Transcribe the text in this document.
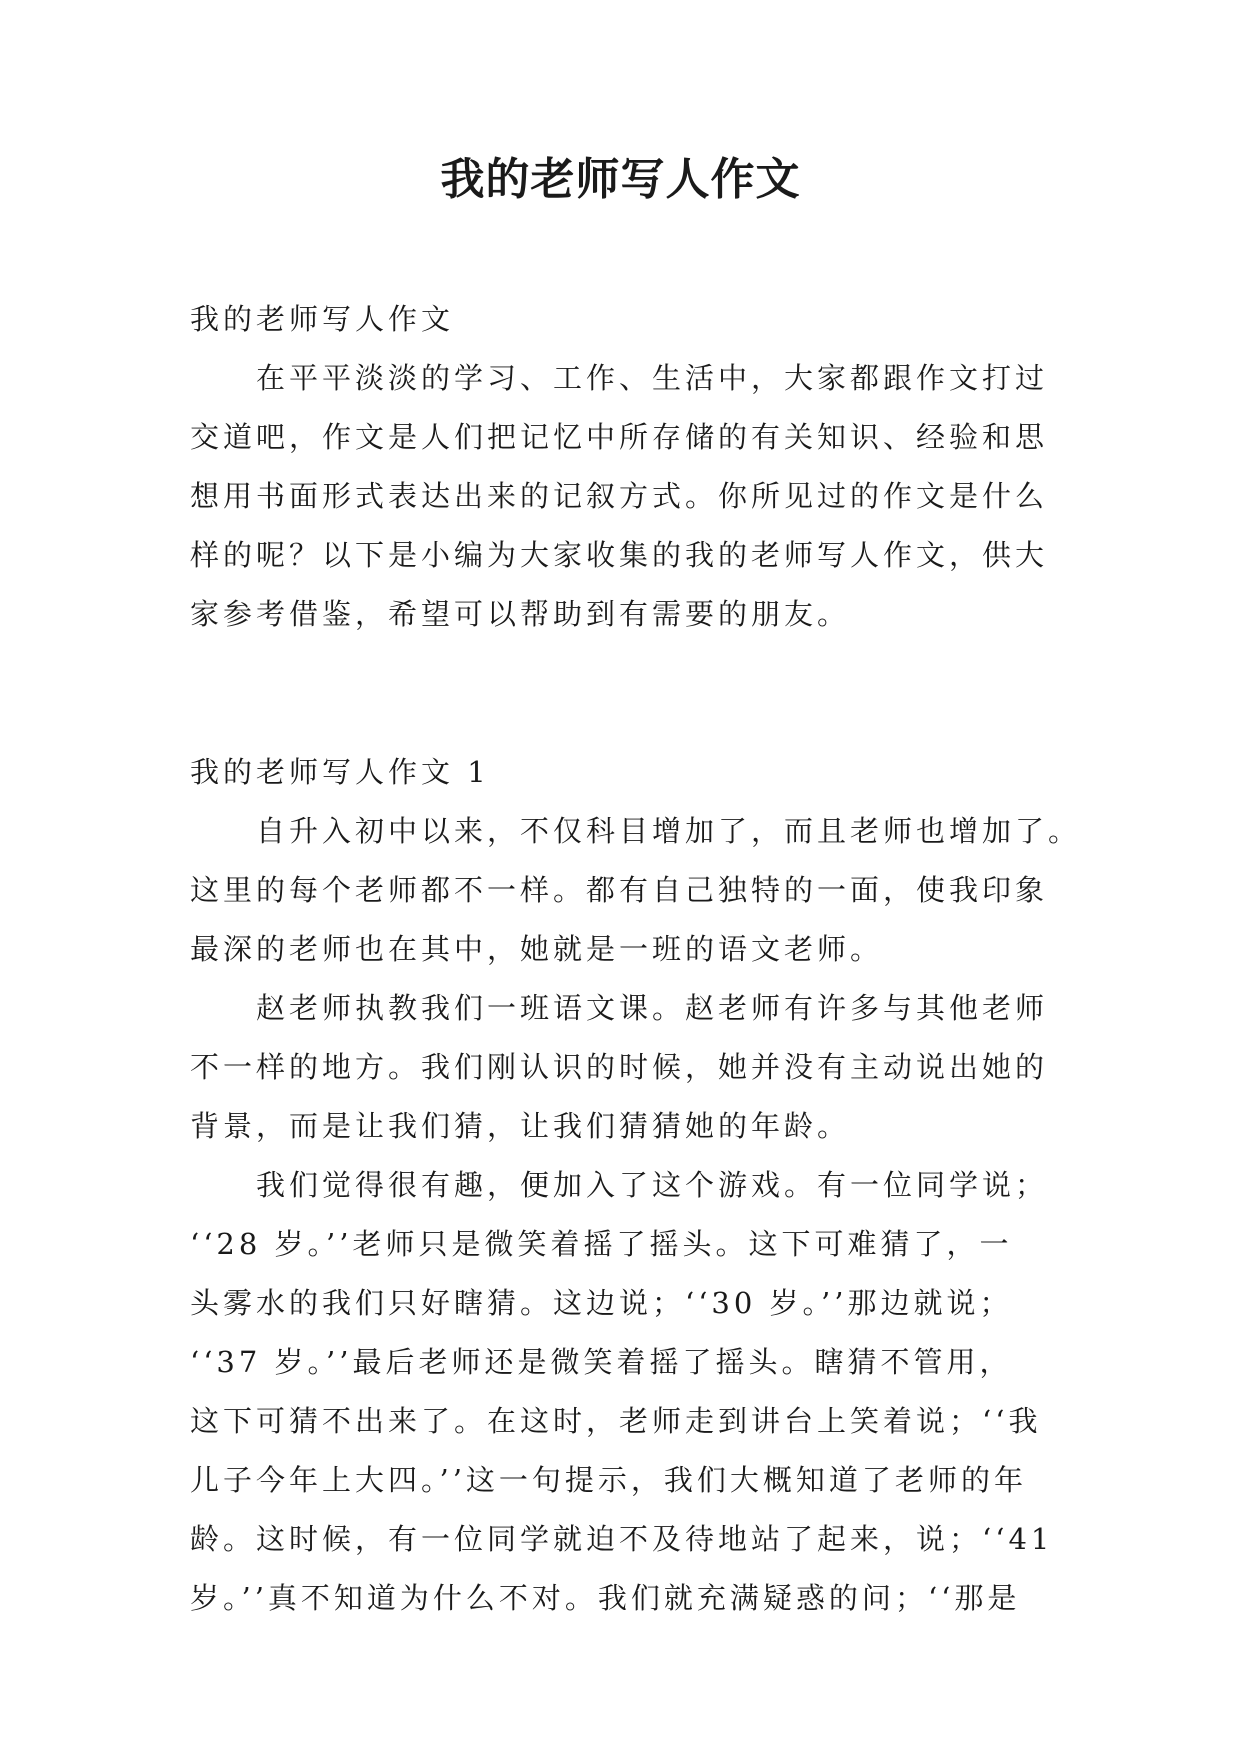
我的老师写人作文

我的老师写人作文

　　在平平淡淡的学习、工作、生活中，大家都跟作文打过

交道吧，作文是人们把记忆中所存储的有关知识、经验和思

想用书面形式表达出来的记叙方式。你所见过的作文是什么

样的呢？以下是小编为大家收集的我的老师写人作文，供大

家参考借鉴，希望可以帮助到有需要的朋友。

我的老师写人作文 1

　　自升入初中以来，不仅科目增加了，而且老师也增加了。

这里的每个老师都不一样。都有自己独特的一面，使我印象

最深的老师也在其中，她就是一班的语文老师。

　　赵老师执教我们一班语文课。赵老师有许多与其他老师

不一样的地方。我们刚认识的时候，她并没有主动说出她的

背景，而是让我们猜，让我们猜猜她的年龄。

　　我们觉得很有趣，便加入了这个游戏。有一位同学说；

‘‘28 岁。’’老师只是微笑着摇了摇头。这下可难猜了，一

头雾水的我们只好瞎猜。这边说；‘‘30 岁。’’那边就说；

‘‘37 岁。’’最后老师还是微笑着摇了摇头。瞎猜不管用，

这下可猜不出来了。在这时，老师走到讲台上笑着说；‘‘我

儿子今年上大四。’’这一句提示，我们大概知道了老师的年

龄。这时候，有一位同学就迫不及待地站了起来，说；‘‘41

岁。’’真不知道为什么不对。我们就充满疑惑的问；‘‘那是
